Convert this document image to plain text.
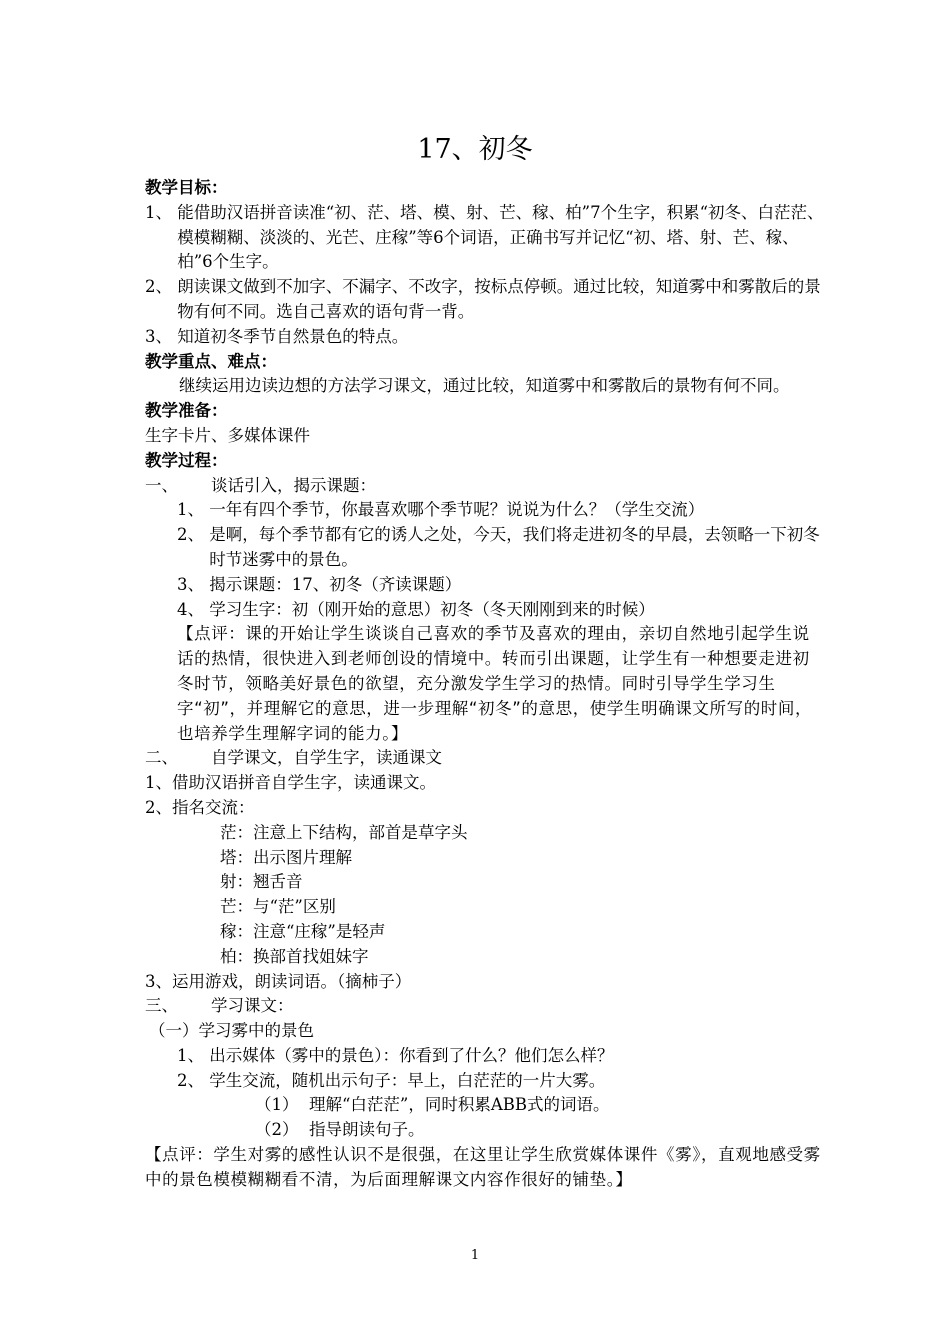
17、初冬

教学目标：

1、 能借助汉语拼音读准“初、茫、塔、模、射、芒、稼、柏”7个生字，积累“初冬、白茫茫、模模糊糊、淡淡的、光芒、庄稼”等6个词语，正确书写并记忆“初、塔、射、芒、稼、柏”6个生字。

2、 朗读课文做到不加字、不漏字、不改字，按标点停顿。通过比较，知道雾中和雾散后的景物有何不同。选自己喜欢的语句背一背。

3、 知道初冬季节自然景色的特点。

教学重点、难点：

继续运用边读边想的方法学习课文，通过比较，知道雾中和雾散后的景物有何不同。

教学准备：

生字卡片、多媒体课件

教学过程：

一、	谈话引入，揭示课题：

1、 一年有四个季节，你最喜欢哪个季节呢？说说为什么？（学生交流）

2、 是啊，每个季节都有它的诱人之处，今天，我们将走进初冬的早晨，去领略一下初冬时节迷雾中的景色。

3、 揭示课题：17、初冬（齐读课题）

4、 学习生字：初（刚开始的意思）初冬（冬天刚刚到来的时候）

【点评：课的开始让学生谈谈自己喜欢的季节及喜欢的理由，亲切自然地引起学生说话的热情，很快进入到老师创设的情境中。转而引出课题，让学生有一种想要走进初冬时节，领略美好景色的欲望，充分激发学生学习的热情。同时引导学生学习生字“初”，并理解它的意思，进一步理解“初冬”的意思，使学生明确课文所写的时间，也培养学生理解字词的能力。】

二、	自学课文，自学生字，读通课文

1、借助汉语拼音自学生字，读通课文。

2、指名交流：

茫：注意上下结构，部首是草字头

塔：出示图片理解

射：翘舌音

芒：与“茫”区别

稼：注意“庄稼”是轻声

柏：换部首找姐妹字

3、运用游戏，朗读词语。（摘柿子）

三、	学习课文：

（一）学习雾中的景色

1、 出示媒体（雾中的景色）：你看到了什么？他们怎么样？

2、 学生交流，随机出示句子：早上，白茫茫的一片大雾。

（1） 理解“白茫茫”，同时积累ABB式的词语。

（2） 指导朗读句子。

【点评：学生对雾的感性认识不是很强，在这里让学生欣赏媒体课件《雾》，直观地感受雾中的景色模模糊糊看不清，为后面理解课文内容作很好的铺垫。】

1
